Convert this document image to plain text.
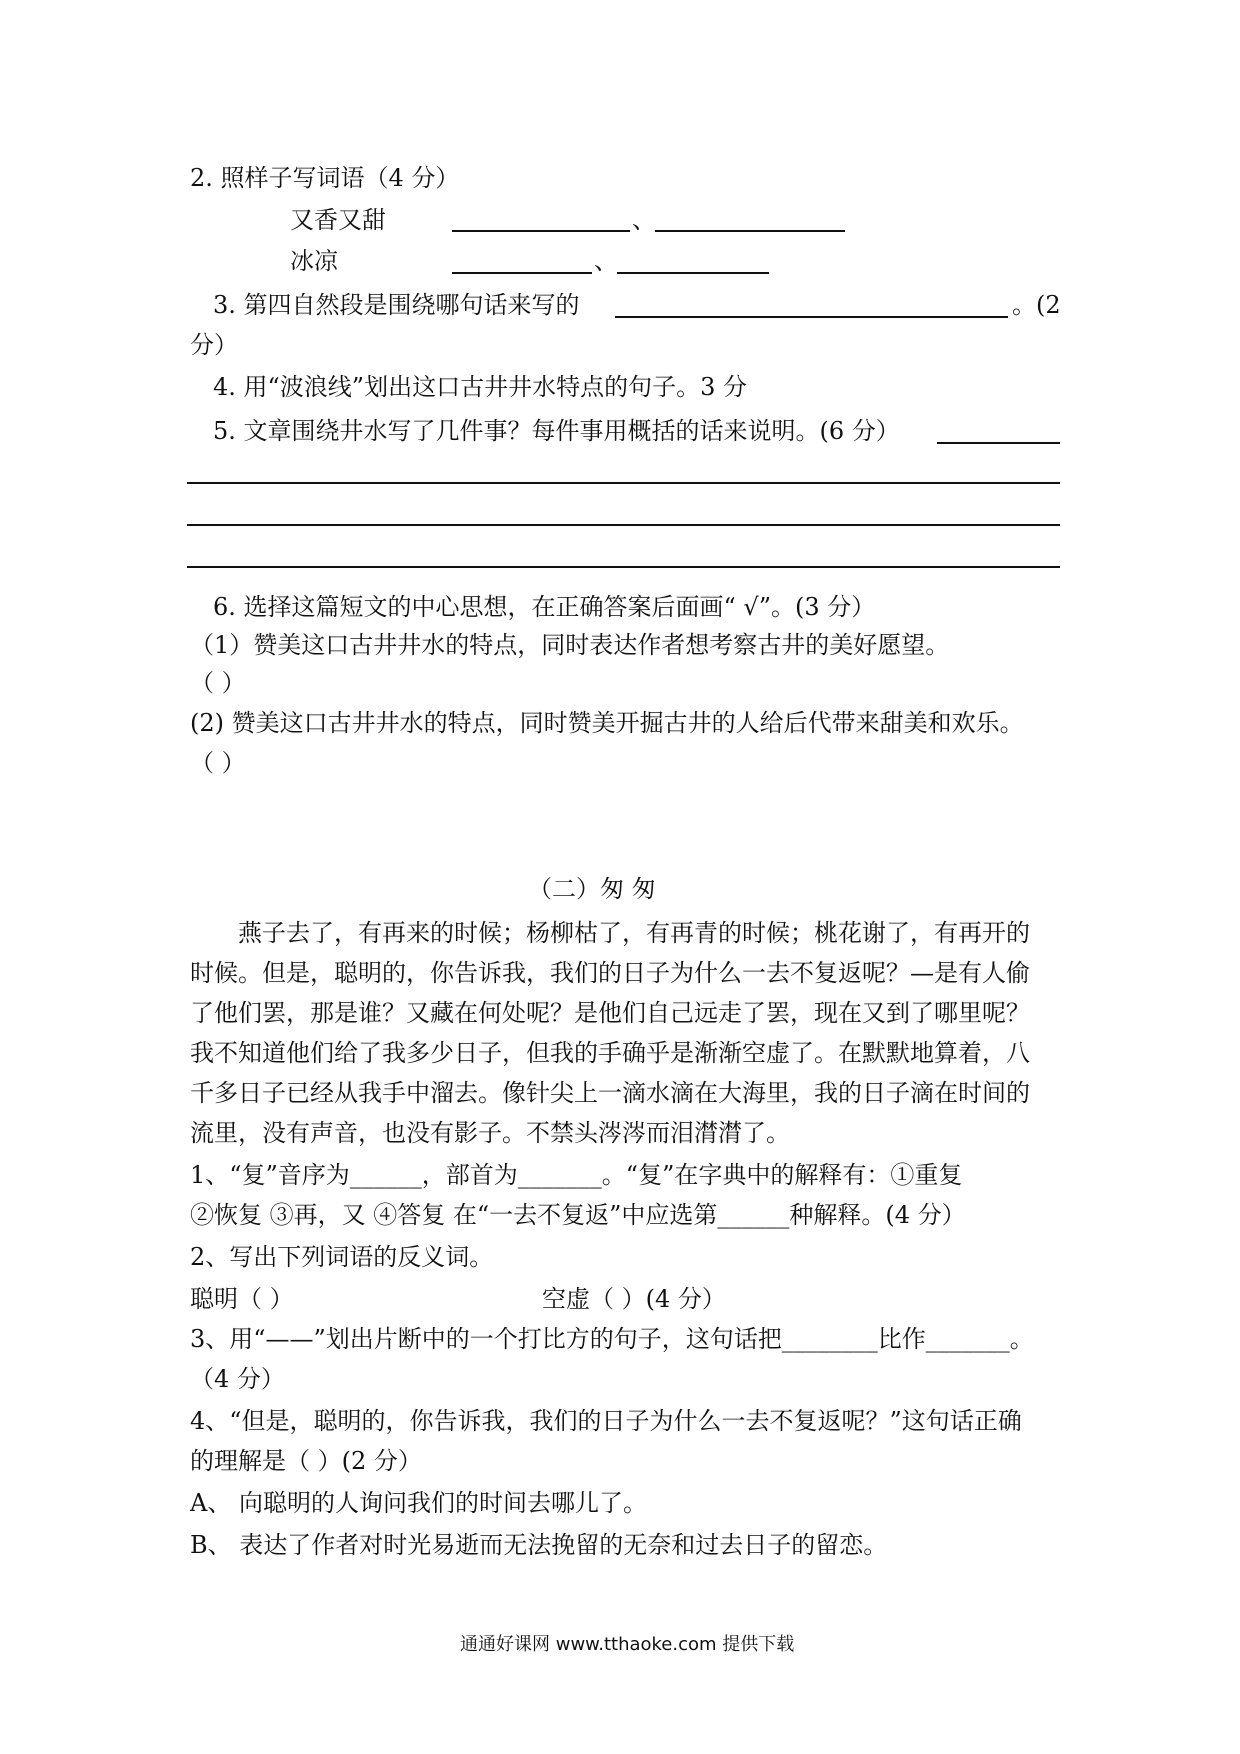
2. 照样子写词语（4 分）
又香又甜	、
冰凉	、
3. 第四自然段是围绕哪句话来写的	。(2
分）
4. 用“波浪线”划出这口古井井水特点的句子。3 分
5. 文章围绕井水写了几件事？每件事用概括的话来说明。(6 分）
6. 选择这篇短文的中心思想，在正确答案后面画“ √”。(3 分）
（1）赞美这口古井井水的特点，同时表达作者想考察古井的美好愿望。
（ ）
(2) 赞美这口古井井水的特点，同时赞美开掘古井的人给后代带来甜美和欢乐。
（ ）
（二）匆 匆
燕子去了，有再来的时候；杨柳枯了，有再青的时候；桃花谢了，有再开的
时候。但是，聪明的，你告诉我，我们的日子为什么一去不复返呢？—是有人偷
了他们罢，那是谁？又藏在何处呢？是他们自己远走了罢，现在又到了哪里呢？
我不知道他们给了我多少日子，但我的手确乎是渐渐空虚了。在默默地算着，八
千多日子已经从我手中溜去。像针尖上一滴水滴在大海里，我的日子滴在时间的
流里，没有声音，也没有影子。不禁头涔涔而泪潸潸了。
1、“复”音序为______，部首为_______。“复”在字典中的解释有：①重复
②恢复 ③再，又 ④答复 在“一去不复返”中应选第______种解释。(4 分）
2、写出下列词语的反义词。
聪明（ ）	空虚（ ）(4 分）
3、用“——”划出片断中的一个打比方的句子，这句话把________比作_______。
（4 分）
4、“但是，聪明的，你告诉我，我们的日子为什么一去不复返呢？”这句话正确
的理解是（ ）(2 分）
A、 向聪明的人询问我们的时间去哪儿了。
B、 表达了作者对时光易逝而无法挽留的无奈和过去日子的留恋。
通通好课网 www.tthaoke.com 提供下载
